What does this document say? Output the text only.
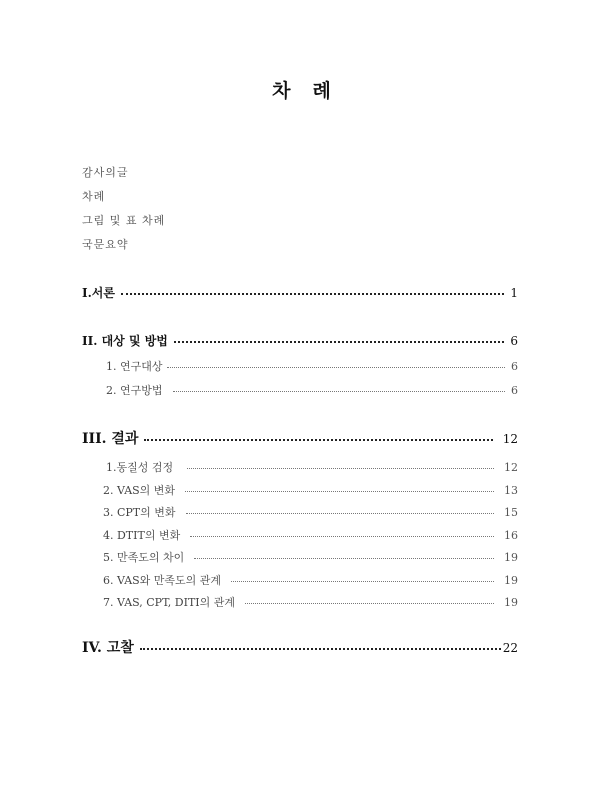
차 례
감사의글
차례
그림 및 표 차례
국문요약
I.서론	1
II. 대상 및 방법	6
1. 연구대상	6
2. 연구방법	6
III. 결과	12
1.동질성 검정	12
2. VAS의 변화	13
3. CPT의 변화	15
4. DTIT의 변화	16
5. 만족도의 차이	19
6. VAS와 만족도의 관계	19
7. VAS, CPT, DITI의 관계	19
IV. 고찰	22
